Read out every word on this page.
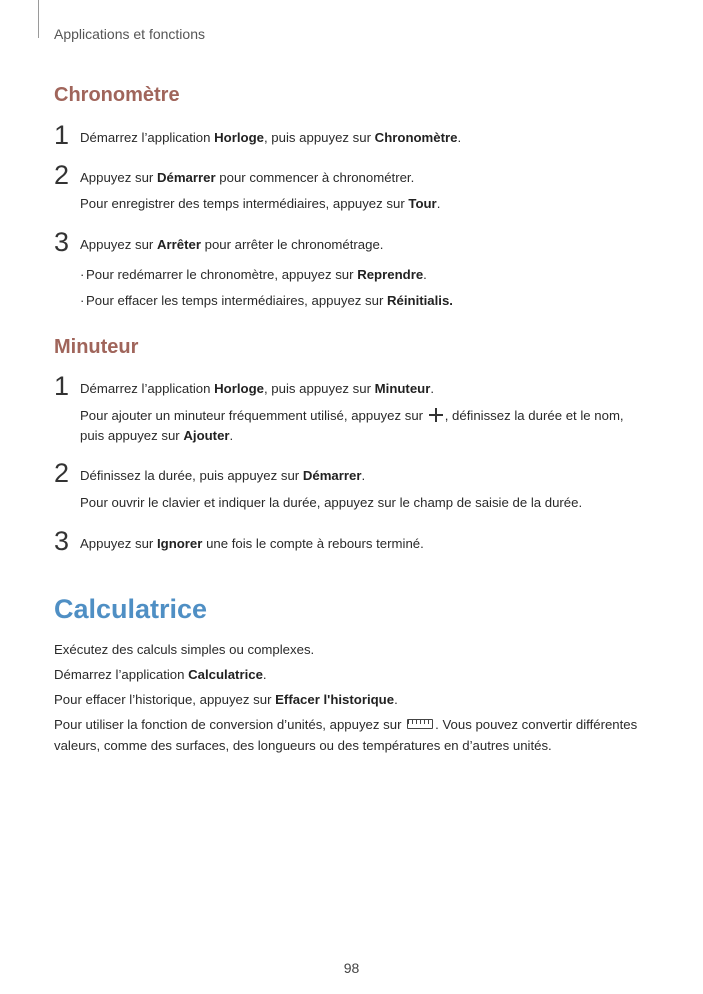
Applications et fonctions
Chronomètre
1 Démarrez l’application Horloge, puis appuyez sur Chronomètre.
2 Appuyez sur Démarrer pour commencer à chronométrer.
Pour enregistrer des temps intermédiaires, appuyez sur Tour.
3 Appuyez sur Arrêter pour arrêter le chronométrage.
· Pour redémarrer le chronomètre, appuyez sur Reprendre.
· Pour effacer les temps intermédiaires, appuyez sur Réinitialis.
Minuteur
1 Démarrez l’application Horloge, puis appuyez sur Minuteur.
Pour ajouter un minuteur fréquemment utilisé, appuyez sur , définissez la durée et le nom,
puis appuyez sur Ajouter.
2 Définissez la durée, puis appuyez sur Démarrer.
Pour ouvrir le clavier et indiquer la durée, appuyez sur le champ de saisie de la durée.
3 Appuyez sur Ignorer une fois le compte à rebours terminé.
Calculatrice
Exécutez des calculs simples ou complexes.
Démarrez l’application Calculatrice.
Pour effacer l’historique, appuyez sur Effacer l'historique.
Pour utiliser la fonction de conversion d’unités, appuyez sur . Vous pouvez convertir différentes
valeurs, comme des surfaces, des longueurs ou des températures en d’autres unités.
98
